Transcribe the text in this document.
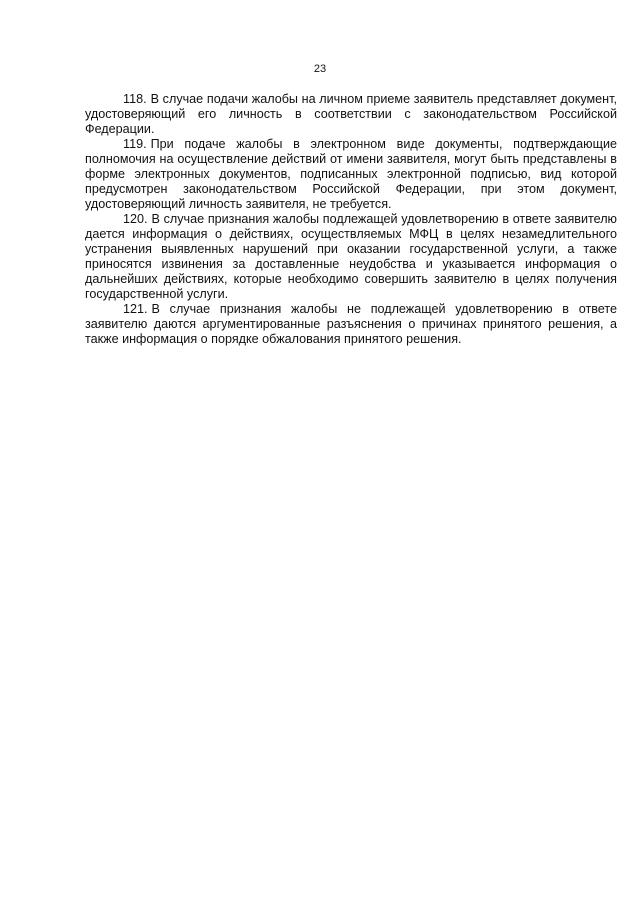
23

118. В случае подачи жалобы на личном приеме заявитель представляет документ, удостоверяющий его личность в соответствии с законодательством Российской Федерации.

119. При подаче жалобы в электронном виде документы, подтверждающие полномочия на осуществление действий от имени заявителя, могут быть представлены в форме электронных документов, подписанных электронной подписью, вид которой предусмотрен законодательством Российской Федерации, при этом документ, удостоверяющий личность заявителя, не требуется.

120. В случае признания жалобы подлежащей удовлетворению в ответе заявителю дается информация о действиях, осуществляемых МФЦ в целях незамедлительного устранения выявленных нарушений при оказании государственной услуги, а также приносятся извинения за доставленные неудобства и указывается информация о дальнейших действиях, которые необходимо совершить заявителю в целях получения государственной услуги.

121. В случае признания жалобы не подлежащей удовлетворению в ответе заявителю даются аргументированные разъяснения о причинах принятого решения, а также информация о порядке обжалования принятого решения.
